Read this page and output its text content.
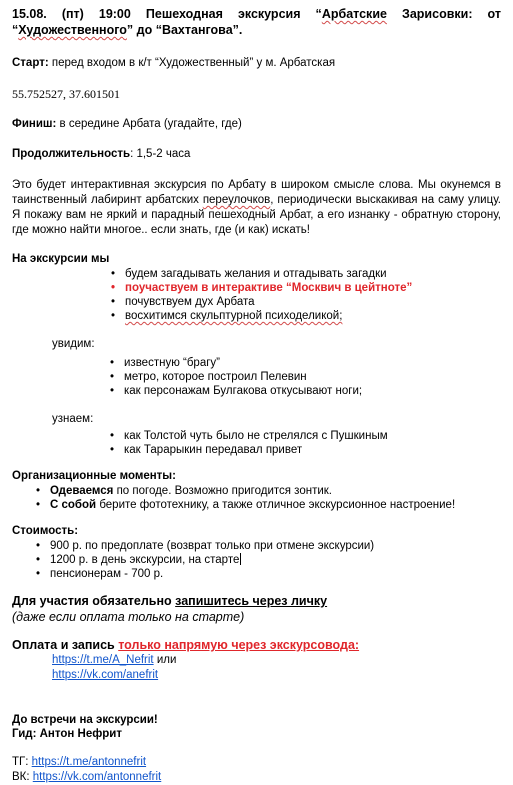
15.08. (пт) 19:00 Пешеходная экскурсия “Арбатские Зарисовки: от “Художественного” до “Вахтангова”.

Старт: перед входом в к/т “Художественный” у м. Арбатская

55.752527, 37.601501

Финиш: в середине Арбата (угадайте, где)

Продолжительность: 1,5-2 часа

Это будет интерактивная экскурсия по Арбату в широком смысле слова. Мы окунемся в таинственный лабиринт арбатских переулочков, периодически выскакивая на саму улицу. Я покажу вам не яркий и парадный пешеходный Арбат, а его изнанку - обратную сторону, где можно найти многое.. если знать, где (и как) искать!

На экскурсии мы

• будем загадывать желания и отгадывать загадки
• поучаствуем в интерактиве “Москвич в цейтноте”
• почувствуем дух Арбата
• восхитимся скульптурной психоделикой;

увидим:

• известную “брагу”
• метро, которое построил Пелевин
• как персонажам Булгакова откусывают ноги;

узнаем:

• как Толстой чуть было не стрелялся с Пушкиным
• как Тарарыкин передавал привет

Организационные моменты:

• Одеваемся по погоде. Возможно пригодится зонтик.
• С собой берите фототехнику, а также отличное экскурсионное настроение!

Стоимость:

• 900 р. по предоплате (возврат только при отмене экскурсии)
• 1200 р. в день экскурсии, на старте
• пенсионерам - 700 р.

Для участия обязательно запишитесь через личку

(даже если оплата только на старте)

Оплата и запись только напрямую через экскурсовода:

https://t.me/A_Nefrit или

https://vk.com/anefrit

До встречи на экскурсии!

Гид: Антон Нефрит

ТГ: https://t.me/antonnefrit

ВК: https://vk.com/antonnefrit
